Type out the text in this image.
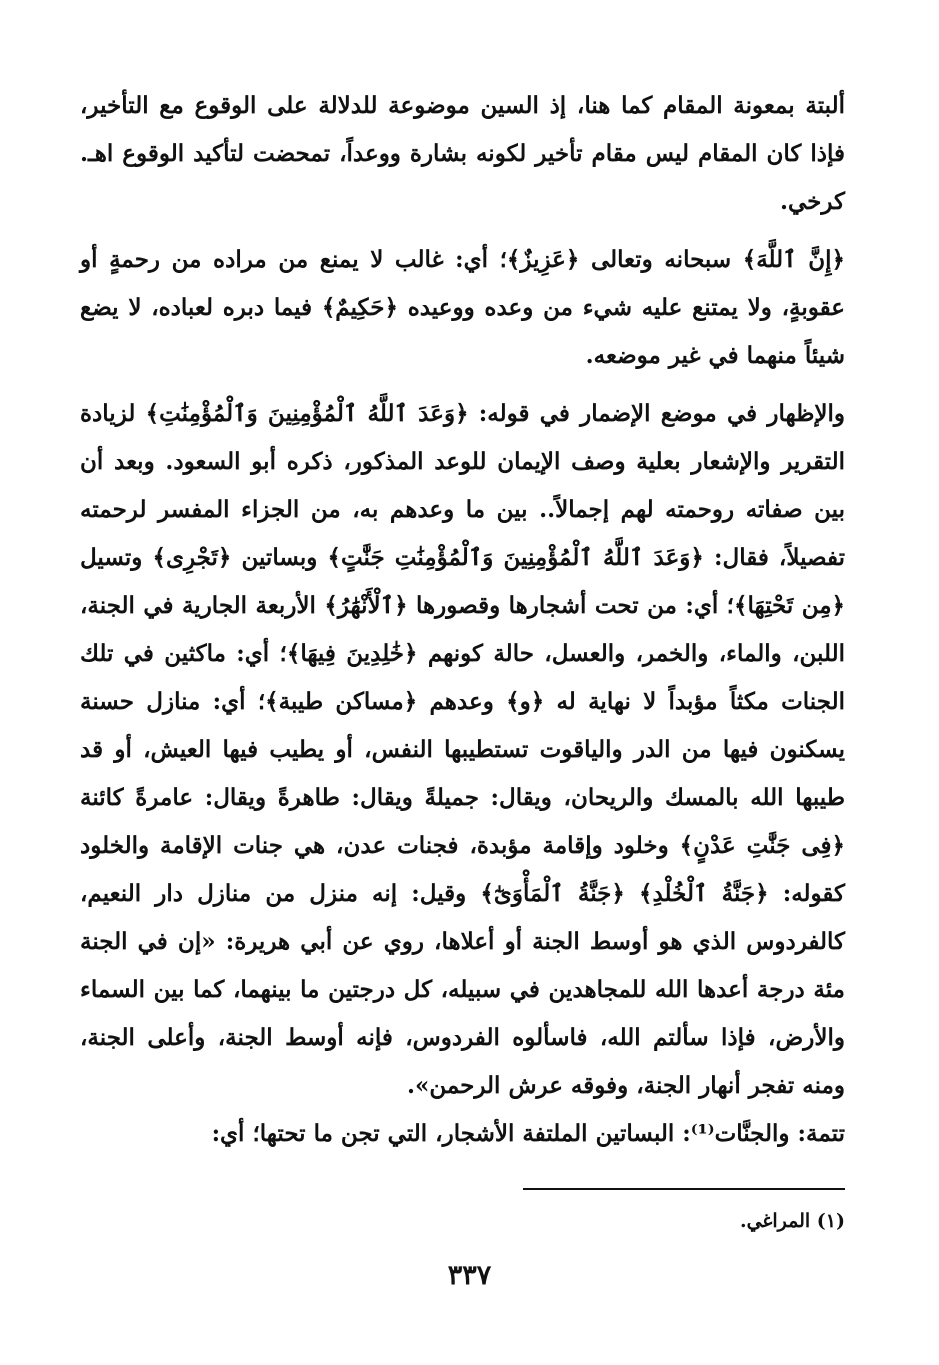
ألبتة بمعونة المقام كما هنا، إذ السين موضوعة للدلالة على الوقوع مع التأخير، فإذا كان المقام ليس مقام تأخير لكونه بشارة ووعداً، تمحضت لتأكيد الوقوع اهـ. كرخي.

﴿إِنَّ ٱللَّهَ﴾ سبحانه وتعالى ﴿عَزِيزٌ﴾؛ أي: غالب لا يمنع من مراده من رحمةٍ أو عقوبةٍ، ولا يمتنع عليه شيء من وعده ووعيده ﴿حَكِيمٌ﴾ فيما دبره لعباده، لا يضع شيئاً منهما في غير موضعه.

والإظهار في موضع الإضمار في قوله: ﴿وَعَدَ ٱللَّهُ ٱلْمُؤْمِنِينَ وَٱلْمُؤْمِنَٰتِ﴾ لزيادة التقرير والإشعار بعلية وصف الإيمان للوعد المذكور، ذكره أبو السعود. وبعد أن بين صفاته روحمته لهم إجمالاً.. بين ما وعدهم به، من الجزاء المفسر لرحمته تفصيلاً، فقال: ﴿وَعَدَ ٱللَّهُ ٱلْمُؤْمِنِينَ وَٱلْمُؤْمِنَٰتِ جَنَّٰتٍ﴾ وبساتين ﴿تَجْرِى﴾ وتسيل ﴿مِن تَحْتِهَا﴾؛ أي: من تحت أشجارها وقصورها ﴿ٱلْأَنْهَٰرُ﴾ الأربعة الجارية في الجنة، اللبن، والماء، والخمر، والعسل، حالة كونهم ﴿خَٰلِدِينَ فِيهَا﴾؛ أي: ماكثين في تلك الجنات مكثاً مؤبداً لا نهاية له ﴿و﴾ وعدهم ﴿مساكن طيبة﴾؛ أي: منازل حسنة يسكنون فيها من الدر والياقوت تستطيبها النفس، أو يطيب فيها العيش، أو قد طيبها الله بالمسك والريحان، ويقال: جميلةً ويقال: طاهرةً ويقال: عامرةً كائنة ﴿فِى جَنَّٰتِ عَدْنٍ﴾ وخلود وإقامة مؤبدة، فجنات عدن، هي جنات الإقامة والخلود كقوله: ﴿جَنَّةُ ٱلْخُلْدِ﴾ ﴿جَنَّةُ ٱلْمَأْوَىٰٓ﴾ وقيل: إنه منزل من منازل دار النعيم، كالفردوس الذي هو أوسط الجنة أو أعلاها، روي عن أبي هريرة: «إن في الجنة مئة درجة أعدها الله للمجاهدين في سبيله، كل درجتين ما بينهما، كما بين السماء والأرض، فإذا سألتم الله، فاسألوه الفردوس، فإنه أوسط الجنة، وأعلى الجنة، ومنه تفجر أنهار الجنة، وفوقه عرش الرحمن».

تتمة: والجنَّات⁽¹⁾: البساتين الملتفة الأشجار، التي تجن ما تحتها؛ أي:

(١) المراغي.
٣٣٧
